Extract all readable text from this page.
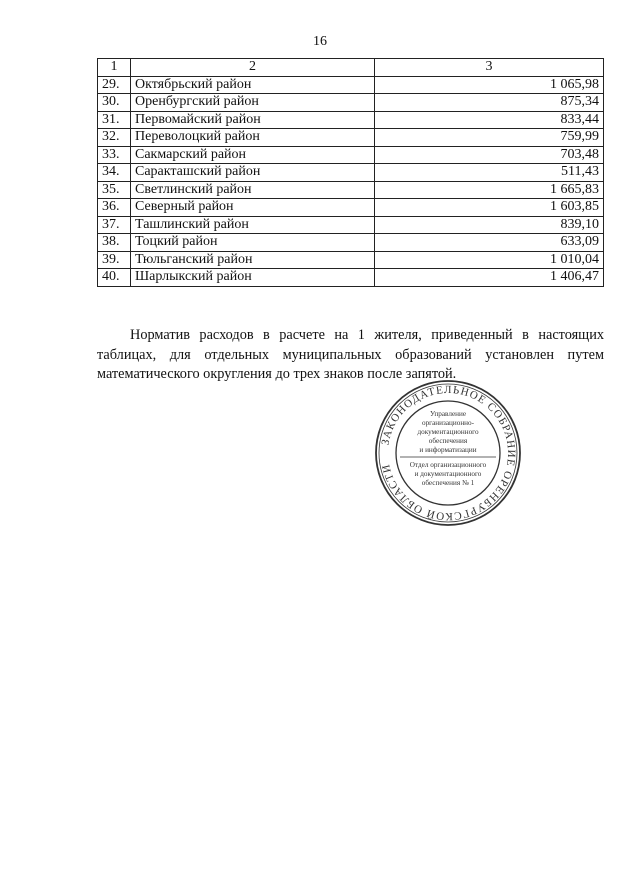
16
1	2	3
29.	Октябрьский район	1 065,98
30.	Оренбургский район	875,34
31.	Первомайский район	833,44
32.	Переволоцкий район	759,99
33.	Сакмарский район	703,48
34.	Саракташский район	511,43
35.	Светлинский район	1 665,83
36.	Северный район	1 603,85
37.	Ташлинский район	839,10
38.	Тоцкий район	633,09
39.	Тюльганский район	1 010,04
40.	Шарлыкский район	1 406,47

Норматив расходов в расчете на 1 жителя, приведенный в настоящих таблицах, для отдельных муниципальных образований установлен путем математического округления до трех знаков после запятой.

ЗАКОНОДАТЕЛЬНОЕ СОБРАНИЕ ОРЕНБУРГСКОЙ ОБЛАСТИ
Управление
организационно-
документационного
обеспечения
и информатизации
Отдел организационного
и документационного
обеспечения № 1
